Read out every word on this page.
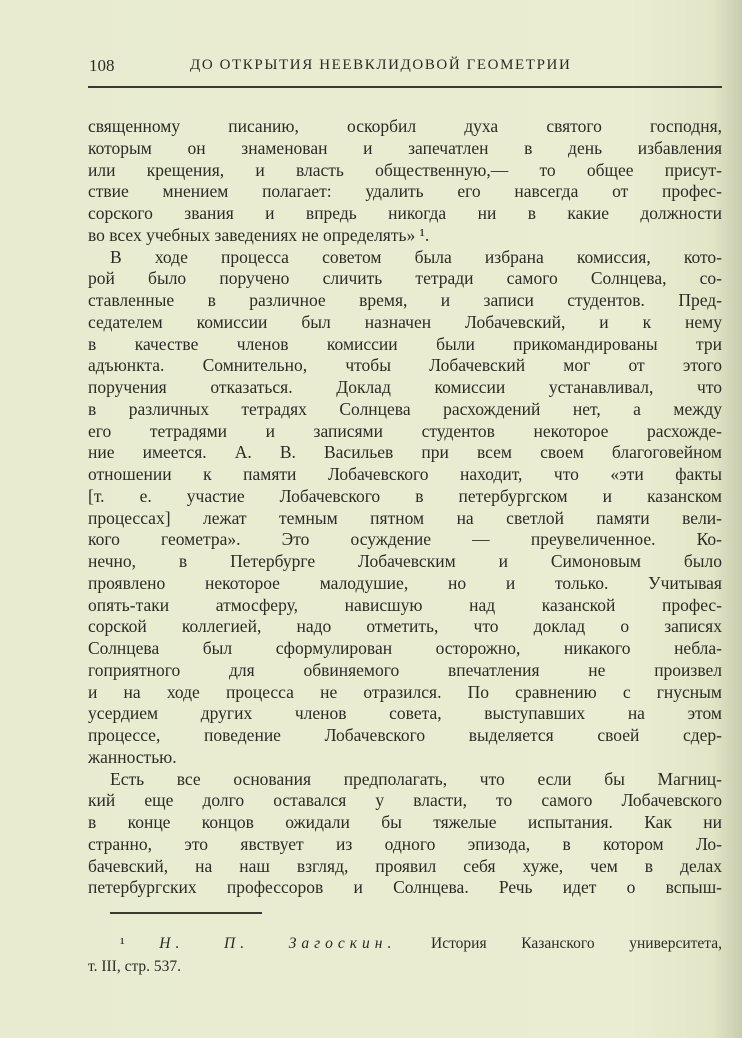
108	ДО ОТКРЫТИЯ НЕЕВКЛИДОВОЙ ГЕОМЕТРИИ
священному писанию, оскорбил духа святого господня,
которым он знаменован и запечатлен в день избавления
или крещения, и власть общественную,— то общее присут-
ствие мнением полагает: удалить его навсегда от профес-
сорского звания и впредь никогда ни в какие должности
во всех учебных заведениях не определять» ¹.
В ходе процесса советом была избрана комиссия, кото-
рой было поручено сличить тетради самого Солнцева, со-
ставленные в различное время, и записи студентов. Пред-
седателем комиссии был назначен Лобачевский, и к нему
в качестве членов комиссии были прикомандированы три
адъюнкта. Сомнительно, чтобы Лобачевский мог от этого
поручения отказаться. Доклад комиссии устанавливал, что
в различных тетрадях Солнцева расхождений нет, а между
его тетрадями и записями студентов некоторое расхожде-
ние имеется. А. В. Васильев при всем своем благоговейном
отношении к памяти Лобачевского находит, что «эти факты
[т. е. участие Лобачевского в петербургском и казанском
процессах] лежат темным пятном на светлой памяти вели-
кого геометра». Это осуждение — преувеличенное. Ко-
нечно, в Петербурге Лобачевским и Симоновым было
проявлено некоторое малодушие, но и только. Учитывая
опять-таки атмосферу, нависшую над казанской профес-
сорской коллегией, надо отметить, что доклад о записях
Солнцева был сформулирован осторожно, никакого небла-
гоприятного для обвиняемого впечатления не произвел
и на ходе процесса не отразился. По сравнению с гнусным
усердием других членов совета, выступавших на этом
процессе, поведение Лобачевского выделяется своей сдер-
жанностью.
Есть все основания предполагать, что если бы Магниц-
кий еще долго оставался у власти, то самого Лобачевского
в конце концов ожидали бы тяжелые испытания. Как ни
странно, это явствует из одного эпизода, в котором Ло-
бачевский, на наш взгляд, проявил себя хуже, чем в делах
петербургских профессоров и Солнцева. Речь идет о вспыш-
¹ Н. П. Загоскин. История Казанского университета,
т. III, стр. 537.
